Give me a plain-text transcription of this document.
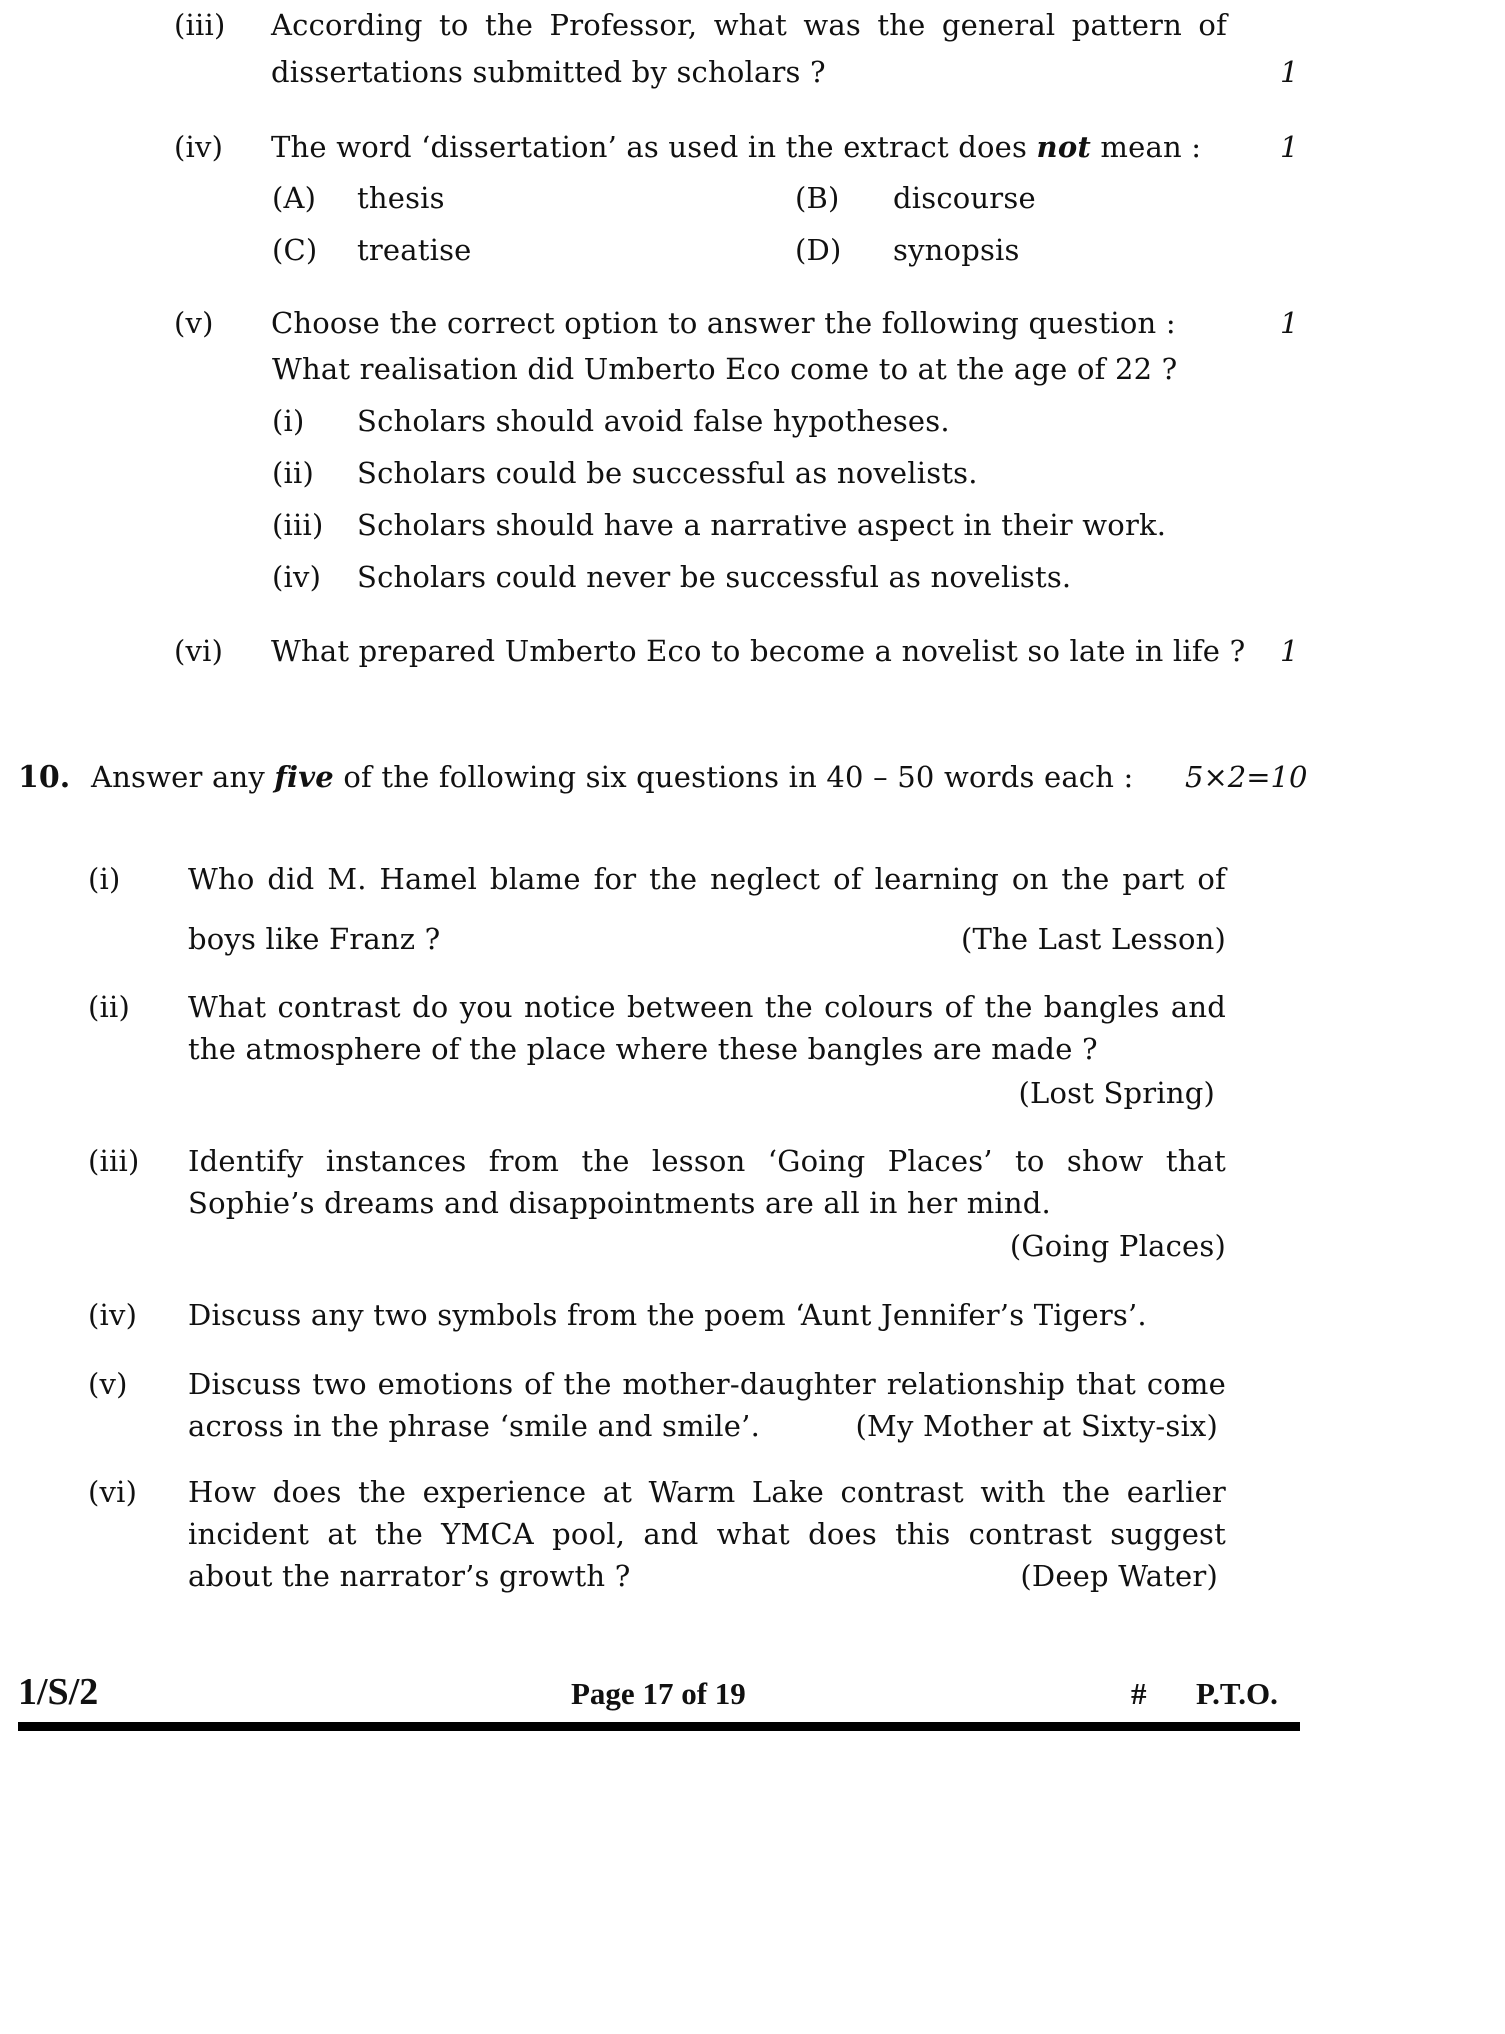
(iii) According to the Professor, what was the general pattern of
dissertations submitted by scholars ?	1
(iv) The word ‘dissertation’ as used in the extract does not mean :	1
(A) thesis	(B) discourse
(C) treatise	(D) synopsis
(v) Choose the correct option to answer the following question :	1
What realisation did Umberto Eco come to at the age of 22 ?
(i) Scholars should avoid false hypotheses.
(ii) Scholars could be successful as novelists.
(iii) Scholars should have a narrative aspect in their work.
(iv) Scholars could never be successful as novelists.
(vi) What prepared Umberto Eco to become a novelist so late in life ? 1
10. Answer any five of the following six questions in 40 – 50 words each : 5×2=10
(i) Who did M. Hamel blame for the neglect of learning on the part of
boys like Franz ?	(The Last Lesson)
(ii) What contrast do you notice between the colours of the bangles and
the atmosphere of the place where these bangles are made ?
(Lost Spring)
(iii) Identify instances from the lesson ‘Going Places’ to show that
Sophie’s dreams and disappointments are all in her mind.
(Going Places)
(iv) Discuss any two symbols from the poem ‘Aunt Jennifer’s Tigers’.
(v) Discuss two emotions of the mother-daughter relationship that come
across in the phrase ‘smile and smile’.	(My Mother at Sixty-six)
(vi) How does the experience at Warm Lake contrast with the earlier
incident at the YMCA pool, and what does this contrast suggest
about the narrator’s growth ?	(Deep Water)
1/S/2	Page 17 of 19	# P.T.O.
